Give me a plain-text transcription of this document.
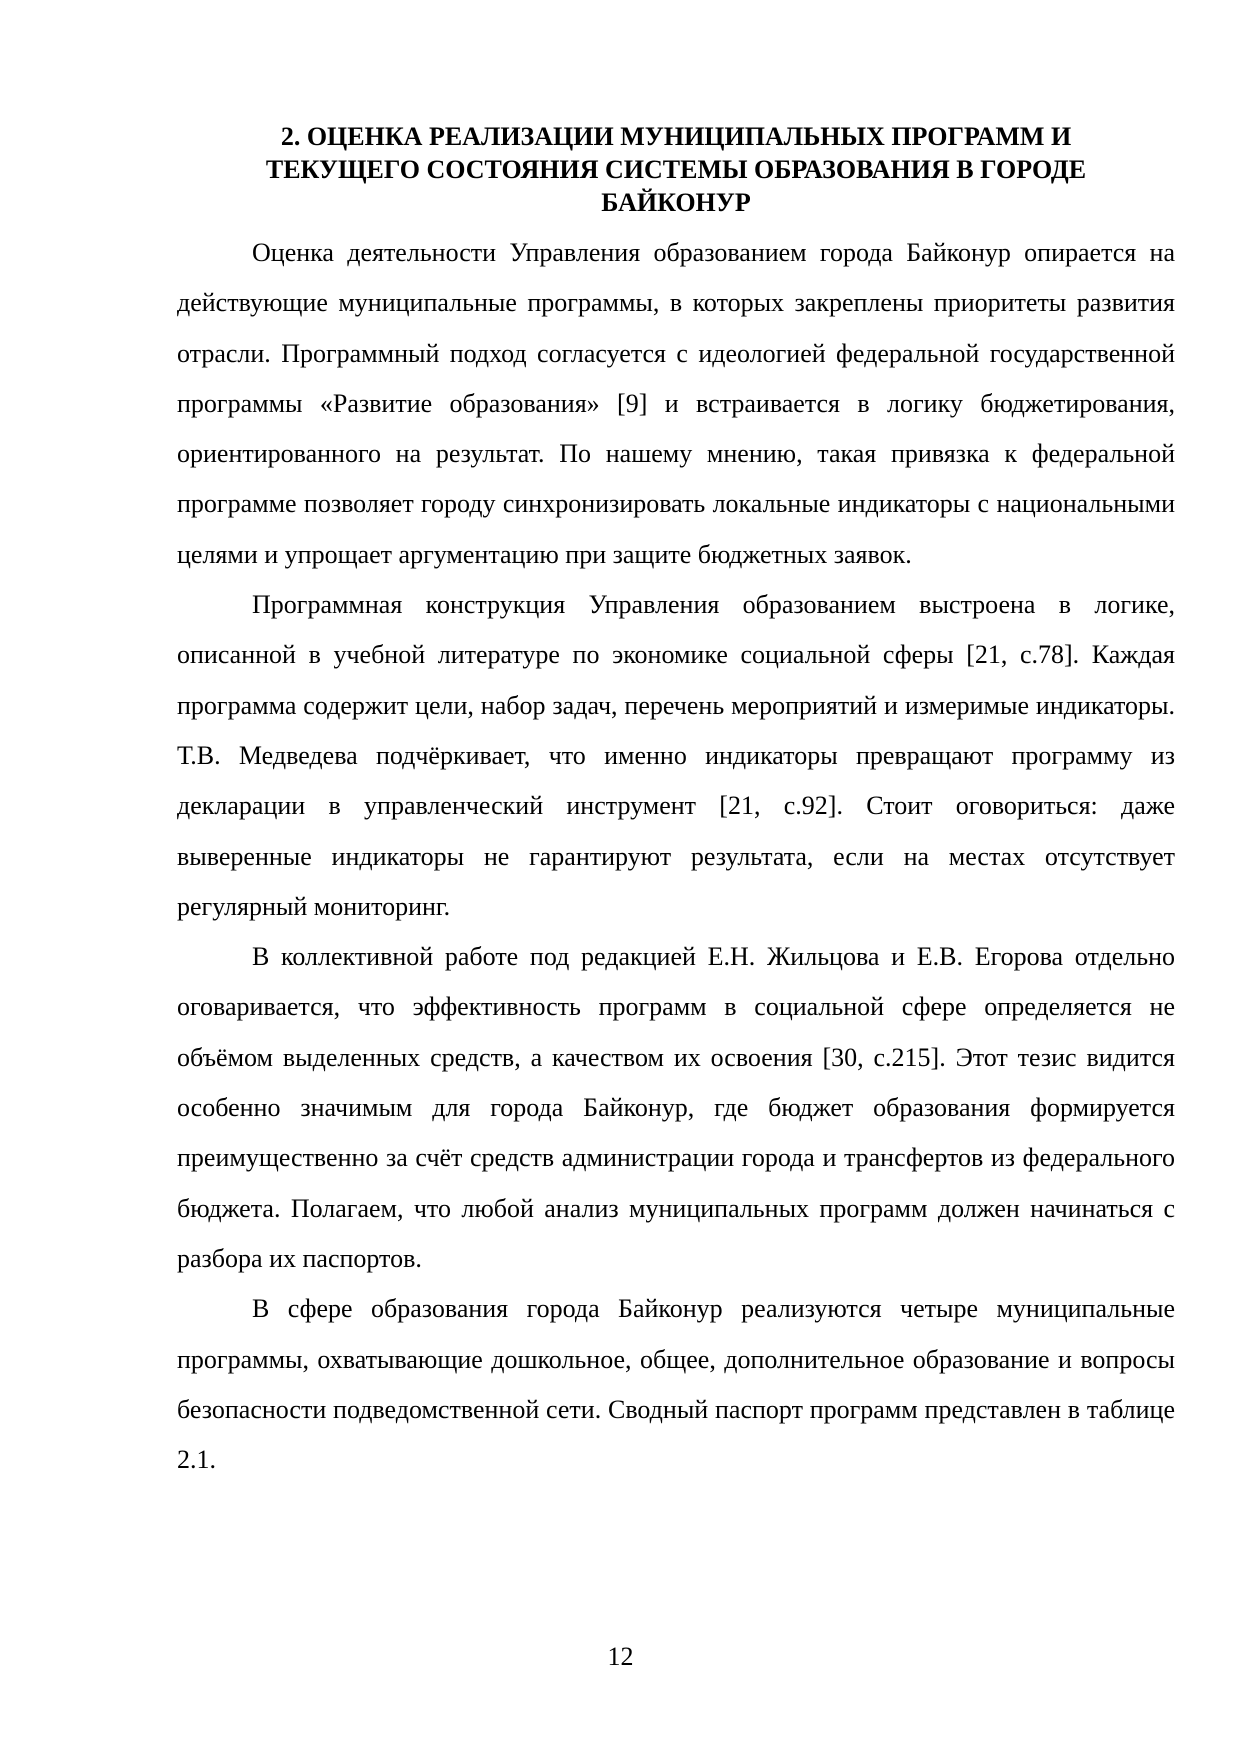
2. ОЦЕНКА РЕАЛИЗАЦИИ МУНИЦИПАЛЬНЫХ ПРОГРАММ И
ТЕКУЩЕГО СОСТОЯНИЯ СИСТЕМЫ ОБРАЗОВАНИЯ В ГОРОДЕ
БАЙКОНУР

Оценка деятельности Управления образованием города Байконур опирается на действующие муниципальные программы, в которых закреплены приоритеты развития отрасли. Программный подход согласуется с идеологией федеральной государственной программы «Развитие образования» [9] и встраивается в логику бюджетирования, ориентированного на результат. По нашему мнению, такая привязка к федеральной программе позволяет городу синхронизировать локальные индикаторы с национальными целями и упрощает аргументацию при защите бюджетных заявок.

Программная конструкция Управления образованием выстроена в логике, описанной в учебной литературе по экономике социальной сферы [21, с.78]. Каждая программа содержит цели, набор задач, перечень мероприятий и измеримые индикаторы. Т.В. Медведева подчёркивает, что именно индикаторы превращают программу из декларации в управленческий инструмент [21, с.92]. Стоит оговориться: даже выверенные индикаторы не гарантируют результата, если на местах отсутствует регулярный мониторинг.

В коллективной работе под редакцией Е.Н. Жильцова и Е.В. Егорова отдельно оговаривается, что эффективность программ в социальной сфере определяется не объёмом выделенных средств, а качеством их освоения [30, с.215]. Этот тезис видится особенно значимым для города Байконур, где бюджет образования формируется преимущественно за счёт средств администрации города и трансфертов из федерального бюджета. Полагаем, что любой анализ муниципальных программ должен начинаться с разбора их паспортов.

В сфере образования города Байконур реализуются четыре муниципальные программы, охватывающие дошкольное, общее, дополнительное образование и вопросы безопасности подведомственной сети. Сводный паспорт программ представлен в таблице 2.1.

12
